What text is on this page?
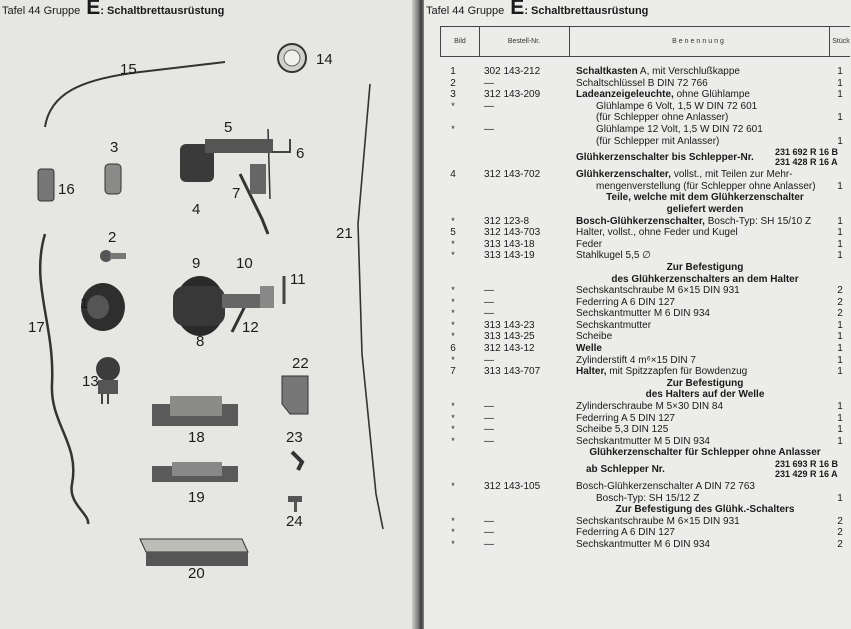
Tafel 44 Gruppe E: Schaltbrettausrüstung
15
14
3
5
6
16	7
4
21
2
9 10
11
1
12
17
8
13
22
18	23
19
24
20
Tafel 44 Gruppe E: Schaltbrettausrüstung
Bild	Bestell-Nr.	Benennung	Stück
1	302 143-212	Schaltkasten A, mit Verschlußkappe	1
2	—	Schaltschlüssel B DIN 72 766	1
3	312 143-209	Ladeanzeigeleuchte, ohne Glühlampe	1
*	—	Glühlampe 6 Volt, 1,5 W DIN 72 601
(für Schlepper ohne Anlasser)	1
*	—	Glühlampe 12 Volt, 1,5 W DIN 72 601
(für Schlepper mit Anlasser)	1
Glühkerzenschalter bis Schlepper-Nr. 231 692 R 16 B
231 428 R 16 A
4	312 143-702	Glühkerzenschalter, vollst., mit Teilen zur Mehr-
mengenverstellung (für Schlepper ohne Anlasser)	1
Teile, welche mit dem Glühkerzenschalter
geliefert werden
*	312 123-8	Bosch-Glühkerzenschalter, Bosch-Typ: SH 15/10 Z	1
5	312 143-703	Halter, vollst., ohne Feder und Kugel	1
*	313 143-18	Feder	1
*	313 143-19	Stahlkugel 5,5 ∅	1
Zur Befestigung
des Glühkerzenschalters an dem Halter
*	—	Sechskantschraube M 6×15 DIN 931	2
*	—	Federring A 6 DIN 127	2
*	—	Sechskantmutter M 6 DIN 934	2
*	313 143-23	Sechskantmutter	1
*	313 143-25	Scheibe	1
6	312 143-12	Welle	1
*	—	Zylinderstift 4 m⁶×15 DIN 7	1
7	313 143-707	Halter, mit Spitzzapfen für Bowdenzug	1
Zur Befestigung
des Halters auf der Welle
*	—	Zylinderschraube M 5×30 DIN 84	1
*	—	Federring A 5 DIN 127	1
*	—	Scheibe 5,3 DIN 125	1
*	—	Sechskantmutter M 5 DIN 934	1
Glühkerzenschalter für Schlepper ohne Anlasser
ab Schlepper Nr.	231 693 R 16 B
231 429 R 16 A
*	312 143-105	Bosch-Glühkerzenschalter A DIN 72 763
Bosch-Typ: SH 15/12 Z	1
Zur Befestigung des Glühk.-Schalters
*	—	Sechskantschraube M 6×15 DIN 931	2
*	—	Federring A 6 DIN 127	2
*	—	Sechskantmutter M 6 DIN 934	2
